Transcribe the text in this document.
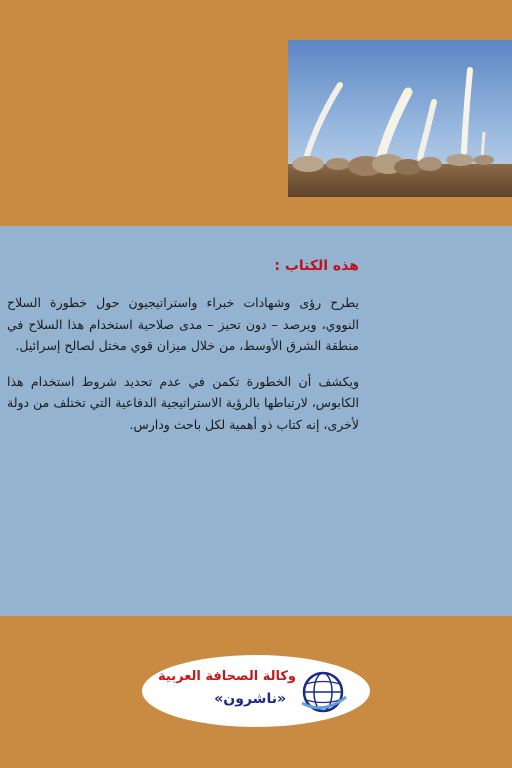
هذه الكتاب :

يطرح رؤى وشهادات خبراء واستراتيجيون حول خطورة السلاح النووي، ويرصد – دون تحيز – مدى صلاحية استخدام هذا السلاح في منطقة الشرق الأوسط، من خلال ميزان قوي مختل لصالح إسرائيل.

ويكشف أن الخطورة تكمن في عدم تحديد شروط استخدام هذا الكابوس، لارتباطها بالرؤية الاستراتيجية الدفاعية التي تختلف من دولة لأخرى، إنه كتاب ذو أهمية لكل باحث ودارس.

وكالة الصحافة العربية
«ناشرون»
